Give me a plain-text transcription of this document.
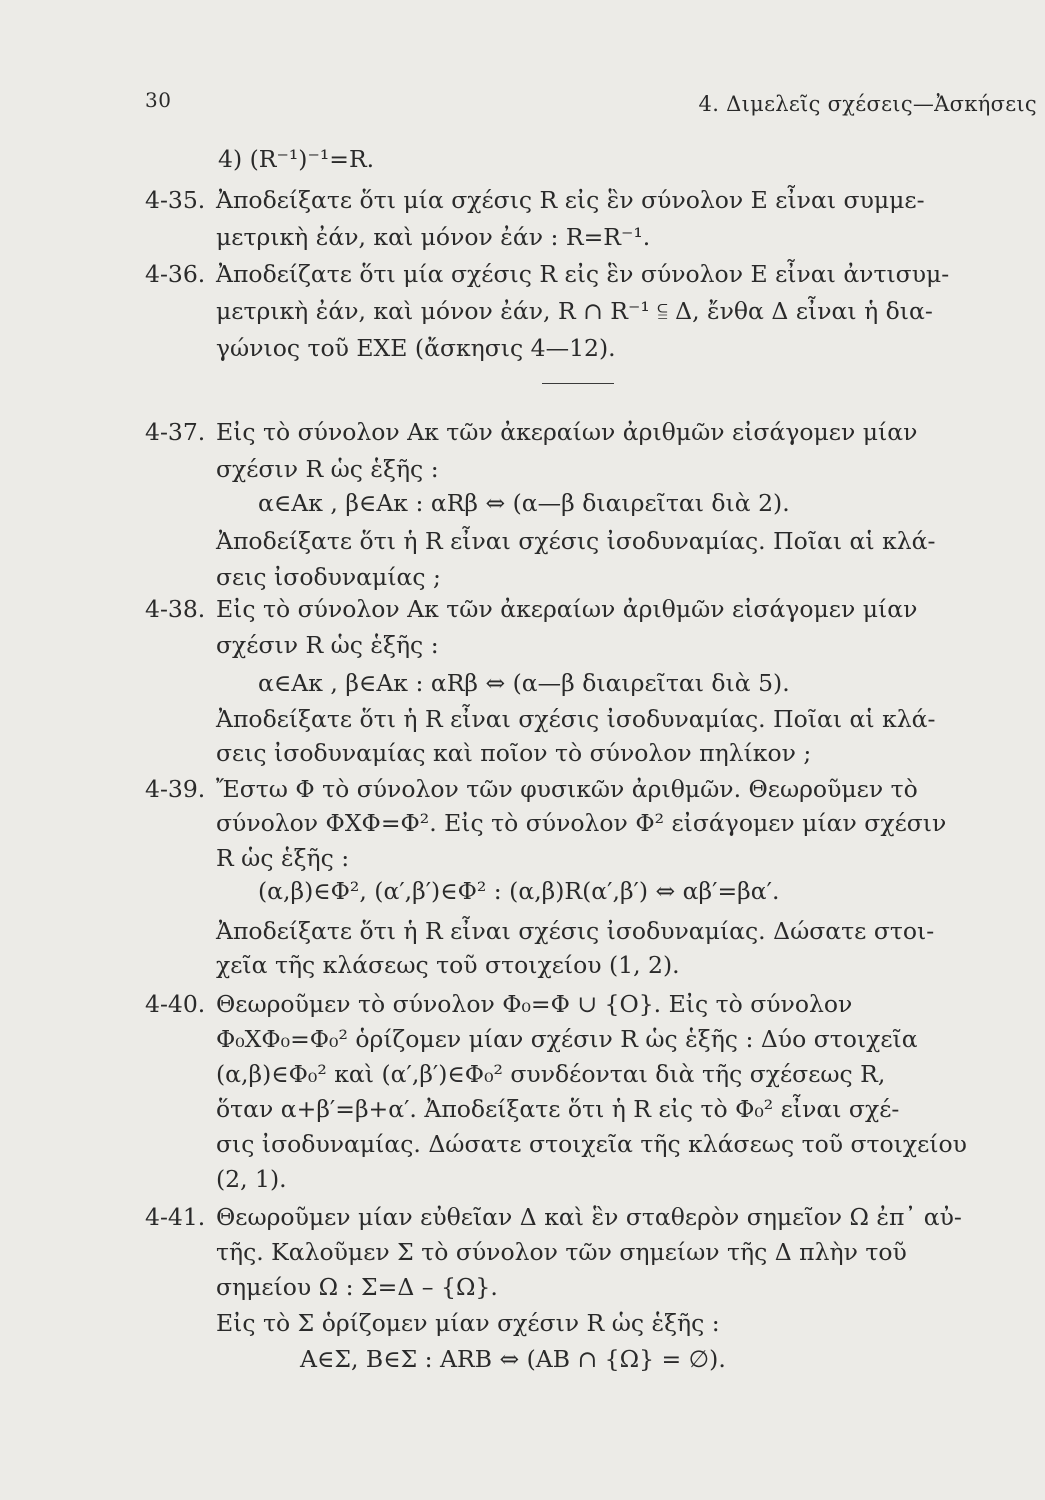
30	4. Διμελεῖς σχέσεις—Ἀσκήσεις
4) (R⁻¹)⁻¹=R.
4-35. Ἀποδείξατε ὅτι μία σχέσις R εἰς ἓν σύνολον E εἶναι συμμε-
μετρικὴ ἐάν, καὶ μόνον ἐάν : R=R⁻¹.
4-36. Ἀποδείζατε ὅτι μία σχέσις R εἰς ἓν σύνολον E εἶναι ἀντισυμ-
μετρικὴ ἐάν, καὶ μόνον ἐάν, R ∩ R⁻¹ ⫅ Δ, ἔνθα Δ εἶναι ἡ δια-
γώνιος τοῦ EXE (ἄσκησις 4—12).
4-37. Εἰς τὸ σύνολον Aκ τῶν ἀκεραίων ἀριθμῶν εἰσάγομεν μίαν
σχέσιν R ὡς ἑξῆς :
α∈Aκ , β∈Aκ : αRβ ⇔ (α—β διαιρεῖται διὰ 2).
Ἀποδείξατε ὅτι ἡ R εἶναι σχέσις ἰσοδυναμίας. Ποῖαι αἱ κλά-
σεις ἰσοδυναμίας ;
4-38. Εἰς τὸ σύνολον Aκ τῶν ἀκεραίων ἀριθμῶν εἰσάγομεν μίαν
σχέσιν R ὡς ἑξῆς :
α∈Aκ , β∈Aκ : αRβ ⇔ (α—β διαιρεῖται διὰ 5).
Ἀποδείξατε ὅτι ἡ R εἶναι σχέσις ἰσοδυναμίας. Ποῖαι αἱ κλά-
σεις ἰσοδυναμίας καὶ ποῖον τὸ σύνολον πηλίκον ;
4-39. Ἔστω Φ τὸ σύνολον τῶν φυσικῶν ἀριθμῶν. Θεωροῦμεν τὸ
σύνολον ΦXΦ=Φ². Εἰς τὸ σύνολον Φ² εἰσάγομεν μίαν σχέσιν
R ὡς ἑξῆς :
(α,β)∈Φ², (α′,β′)∈Φ² : (α,β)R(α′,β′) ⇔ αβ′=βα′.
Ἀποδείξατε ὅτι ἡ R εἶναι σχέσις ἰσοδυναμίας. Δώσατε στοι-
χεῖα τῆς κλάσεως τοῦ στοιχείου (1, 2).
4-40. Θεωροῦμεν τὸ σύνολον Φ₀=Φ ∪ {O}. Εἰς τὸ σύνολον
Φ₀XΦ₀=Φ₀² ὁρίζομεν μίαν σχέσιν R ὡς ἑξῆς : Δύο στοιχεῖα
(α,β)∈Φ₀² καὶ (α′,β′)∈Φ₀² συνδέονται διὰ τῆς σχέσεως R,
ὅταν α+β′=β+α′. Ἀποδείξατε ὅτι ἡ R εἰς τὸ Φ₀² εἶναι σχέ-
σις ἰσοδυναμίας. Δώσατε στοιχεῖα τῆς κλάσεως τοῦ στοιχείου
(2, 1).
4-41. Θεωροῦμεν μίαν εὐθεῖαν Δ καὶ ἓν σταθερὸν σημεῖον Ω ἐπ᾽ αὐ-
τῆς. Καλοῦμεν Σ τὸ σύνολον τῶν σημείων τῆς Δ πλὴν τοῦ
σημείου Ω : Σ=Δ – {Ω}.
Εἰς τὸ Σ ὁρίζομεν μίαν σχέσιν R ὡς ἑξῆς :
A∈Σ, B∈Σ : ARB ⇔ (AB ∩ {Ω} = ∅).
